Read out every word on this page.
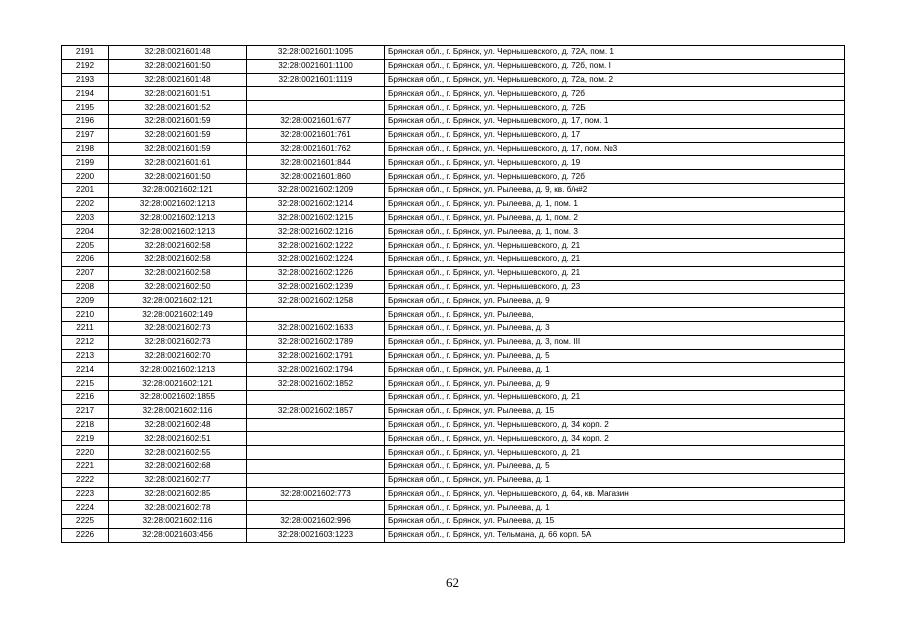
2191	32:28:0021601:48	32:28:0021601:1095	Брянская обл., г. Брянск, ул. Чернышевского, д. 72А, пом. 1
2192	32:28:0021601:50	32:28:0021601:1100	Брянская обл., г. Брянск, ул. Чернышевского, д. 72б, пом. I
2193	32:28:0021601:48	32:28:0021601:1119	Брянская обл., г. Брянск, ул. Чернышевского, д. 72а, пом. 2
2194	32:28:0021601:51		Брянская обл., г. Брянск, ул. Чернышевского, д. 72б
2195	32:28:0021601:52		Брянская обл., г. Брянск, ул. Чернышевского, д. 72Б
2196	32:28:0021601:59	32:28:0021601:677	Брянская обл., г. Брянск, ул. Чернышевского, д. 17, пом. 1
2197	32:28:0021601:59	32:28:0021601:761	Брянская обл., г. Брянск, ул. Чернышевского, д. 17
2198	32:28:0021601:59	32:28:0021601:762	Брянская обл., г. Брянск, ул. Чернышевского, д. 17, пом. №3
2199	32:28:0021601:61	32:28:0021601:844	Брянская обл., г. Брянск, ул. Чернышевского, д. 19
2200	32:28:0021601:50	32:28:0021601:860	Брянская обл., г. Брянск, ул. Чернышевского, д. 72б
2201	32:28:0021602:121	32:28:0021602:1209	Брянская обл., г. Брянск, ул. Рылеева, д. 9, кв. б/н#2
2202	32:28:0021602:1213	32:28:0021602:1214	Брянская обл., г. Брянск, ул. Рылеева, д. 1, пом. 1
2203	32:28:0021602:1213	32:28:0021602:1215	Брянская обл., г. Брянск, ул. Рылеева, д. 1, пом. 2
2204	32:28:0021602:1213	32:28:0021602:1216	Брянская обл., г. Брянск, ул. Рылеева, д. 1, пом. 3
2205	32:28:0021602:58	32:28:0021602:1222	Брянская обл., г. Брянск, ул. Чернышевского, д. 21
2206	32:28:0021602:58	32:28:0021602:1224	Брянская обл., г. Брянск, ул. Чернышевского, д. 21
2207	32:28:0021602:58	32:28:0021602:1226	Брянская обл., г. Брянск, ул. Чернышевского, д. 21
2208	32:28:0021602:50	32:28:0021602:1239	Брянская обл., г. Брянск, ул. Чернышевского, д. 23
2209	32:28:0021602:121	32:28:0021602:1258	Брянская обл., г. Брянск, ул. Рылеева, д. 9
2210	32:28:0021602:149		Брянская обл., г. Брянск, ул. Рылеева,
2211	32:28:0021602:73	32:28:0021602:1633	Брянская обл., г. Брянск, ул. Рылеева, д. 3
2212	32:28:0021602:73	32:28:0021602:1789	Брянская обл., г. Брянск, ул. Рылеева, д. 3, пом. III
2213	32:28:0021602:70	32:28:0021602:1791	Брянская обл., г. Брянск, ул. Рылеева, д. 5
2214	32:28:0021602:1213	32:28:0021602:1794	Брянская обл., г. Брянск, ул. Рылеева, д. 1
2215	32:28:0021602:121	32:28:0021602:1852	Брянская обл., г. Брянск, ул. Рылеева, д. 9
2216	32:28:0021602:1855		Брянская обл., г. Брянск, ул. Чернышевского, д. 21
2217	32:28:0021602:116	32:28:0021602:1857	Брянская обл., г. Брянск, ул. Рылеева, д. 15
2218	32:28:0021602:48		Брянская обл., г. Брянск, ул. Чернышевского, д. 34 корп. 2
2219	32:28:0021602:51		Брянская обл., г. Брянск, ул. Чернышевского, д. 34 корп. 2
2220	32:28:0021602:55		Брянская обл., г. Брянск, ул. Чернышевского, д. 21
2221	32:28:0021602:68		Брянская обл., г. Брянск, ул. Рылеева, д. 5
2222	32:28:0021602:77		Брянская обл., г. Брянск, ул. Рылеева, д. 1
2223	32:28:0021602:85	32:28:0021602:773	Брянская обл., г. Брянск, ул. Чернышевского, д. 64, кв. Магазин
2224	32:28:0021602:78		Брянская обл., г. Брянск, ул. Рылеева, д. 1
2225	32:28:0021602:116	32:28:0021602:996	Брянская обл., г. Брянск, ул. Рылеева, д. 15
2226	32:28:0021603:456	32:28:0021603:1223	Брянская обл., г. Брянск, ул. Тельмана, д. 66 корп. 5А
62
